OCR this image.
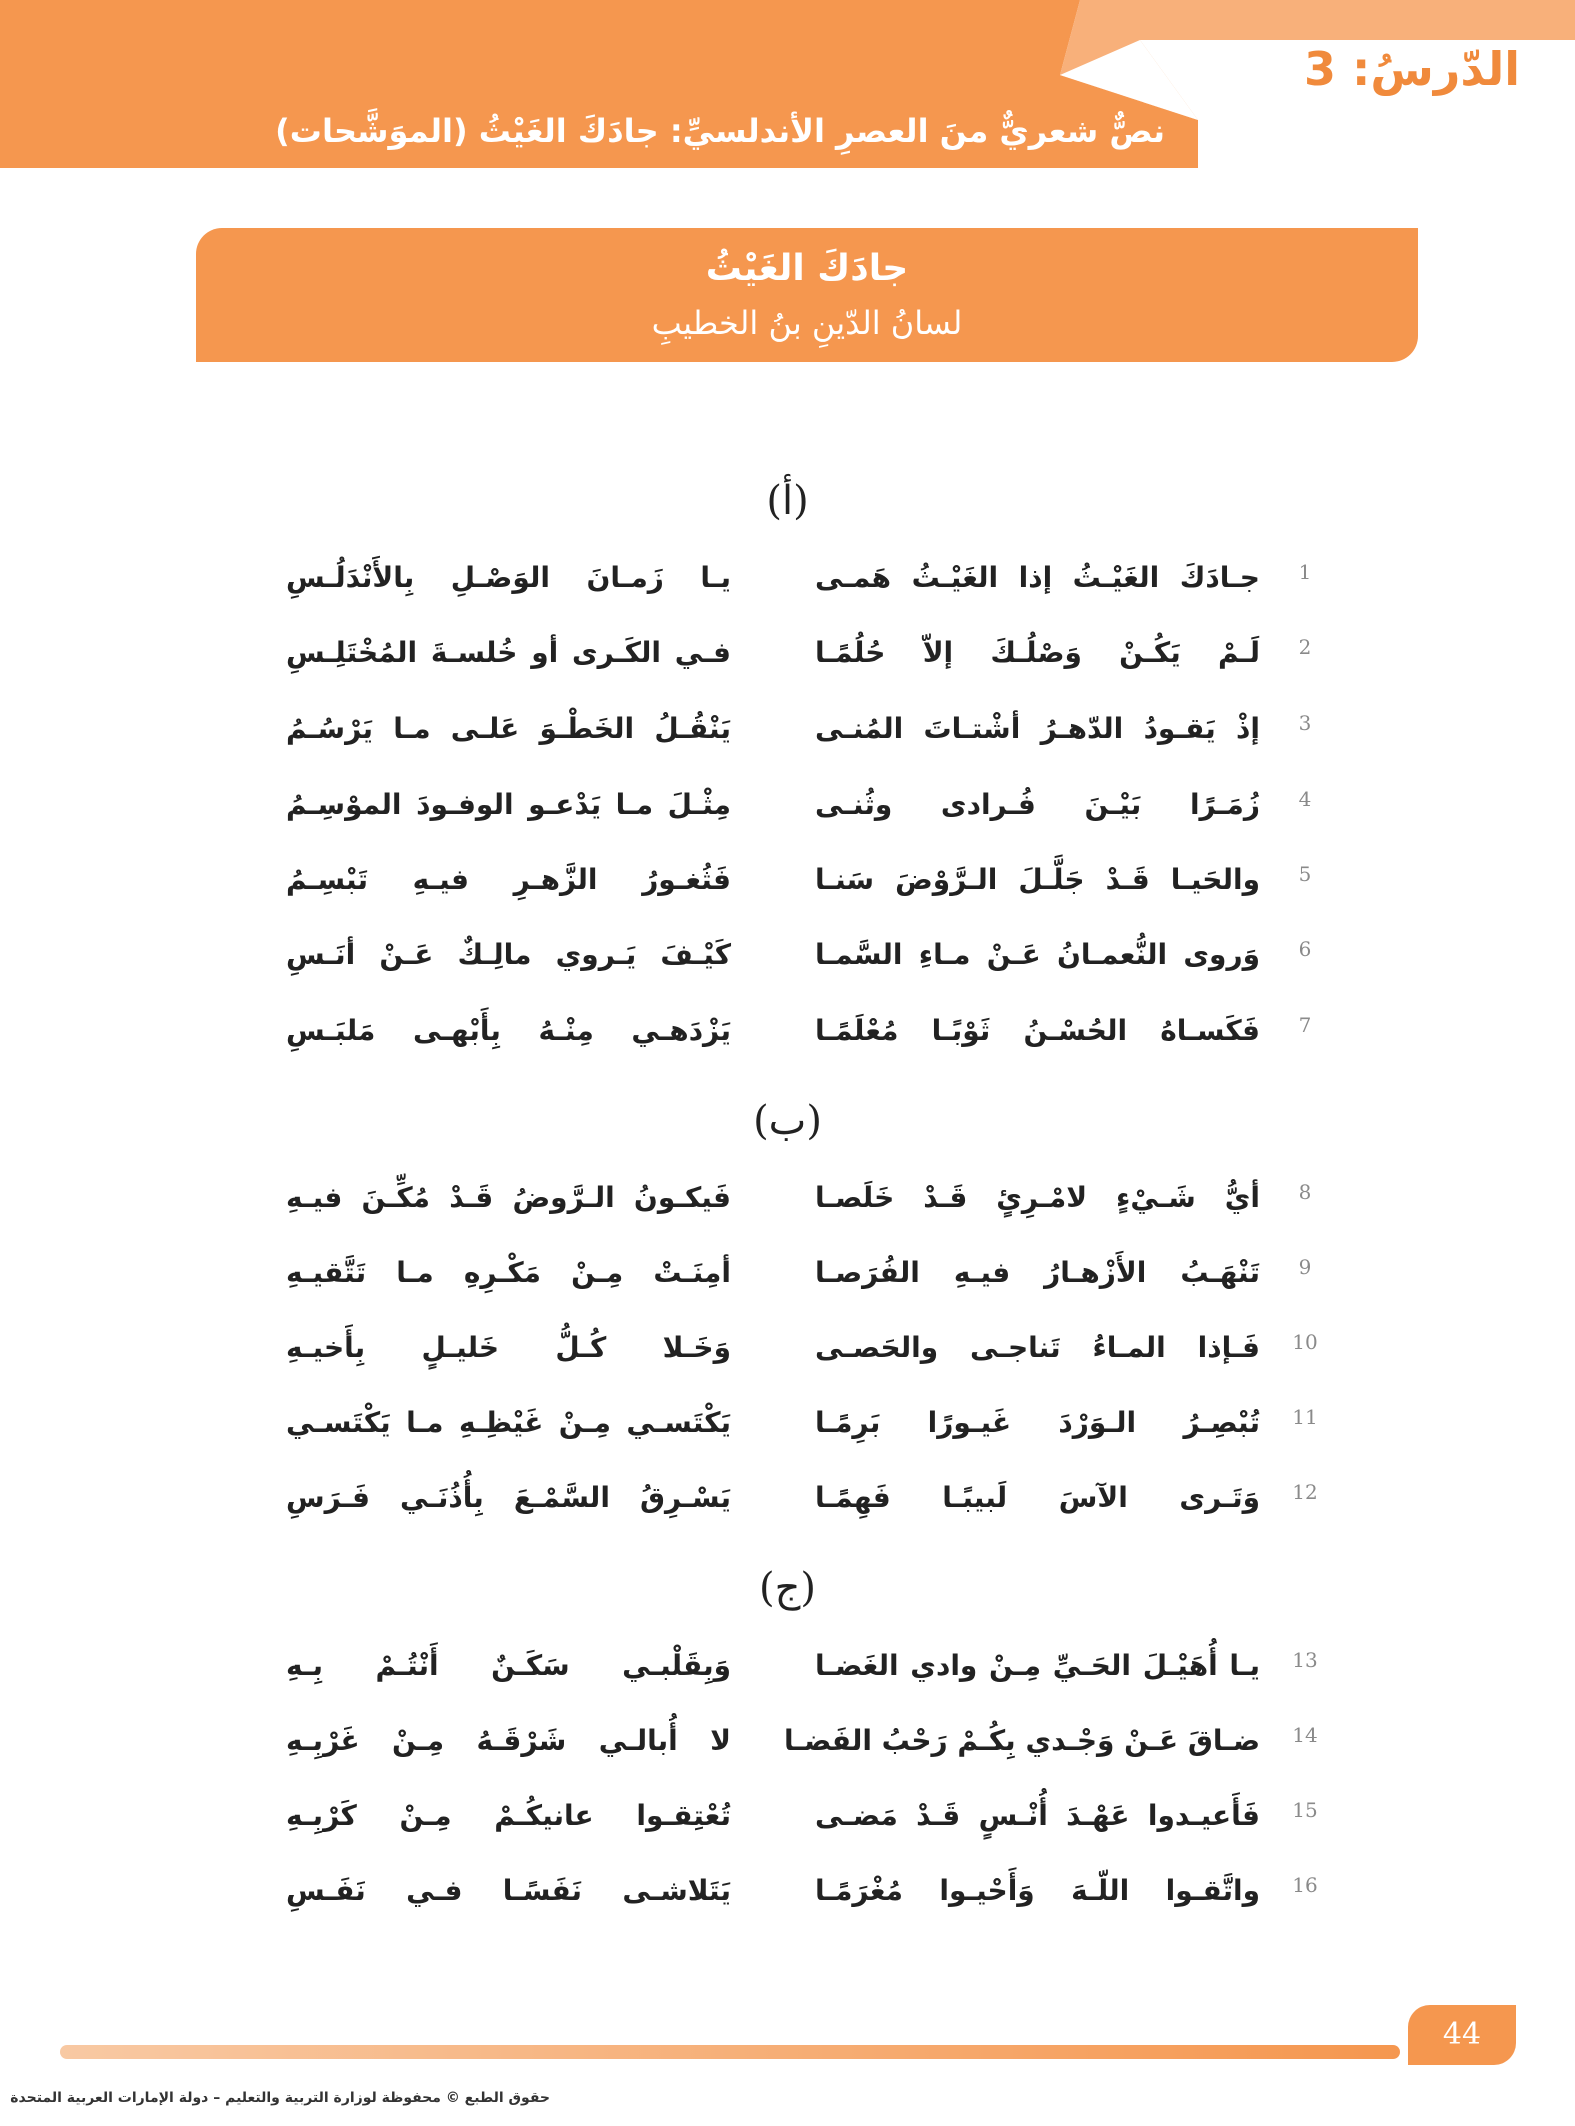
الدّرسُ: 3
نصٌّ شعريٌّ منَ العصرِ الأندلسيِّ: جادَكَ الغَيْثُ (الموَشَّحات)
جادَكَ الغَيْثُ
لسانُ الدّينِ بنُ الخطيبِ
(أ)
1
جـادَكَ الغَيْـثُ إذا الغَيْـثُ هَمـى
يـا زَمـانَ الوَصْـلِ بِالأَنْدَلُـسِ
2
لَـمْ يَكُـنْ وَصْلُـكَ إلاّ حُلُمًـا
فـي الكَـرى أو خُلسـةَ المُخْتَلِـسِ
3
إذْ يَقـودُ الدّهـرُ أشْتـاتَ المُنـى
يَنْقُـلُ الخَطْـوَ عَلـى مـا يَرْسُـمُ
4
زُمَـرًا بَيْـنَ فُـرادى وثُنـى
مِثْـلَ مـا يَدْعـو الوفـودَ الموْسِـمُ
5
والحَيـا قَـدْ جَلَّـلَ الـرَّوْضَ سَنـا
فَثُغـورُ الزَّهـرِ فيـهِ تَبْسِـمُ
6
وَروى النُّعمـانُ عَـنْ مـاءِ السَّمـا
كَيْـفَ يَـروي مالِـكٌ عَـنْ أنَـسِ
7
فَكَسـاهُ الحُسْـنُ ثَوْبًـا مُعْلَمًـا
يَزْدَهـي مِنْـهُ بِأَبْهـى مَلبَـسِ
(ب)
8
أيُّ شَـيْءٍ لامْـرِئٍ قَـدْ خَلَصـا
فَيكـونُ الـرَّوضُ قَـدْ مُكِّـنَ فيـهِ
9
تَنْهَـبُ الأَزْهـارُ فيـهِ الفُرَصـا
أمِنَـتْ مِـنْ مَكْـرِهِ مـا تَتَّقيـهِ
10
فَـإذا المـاءُ تَناجـى والحَصـى
وَخَـلا كُـلُّ خَليـلٍ بِأَخيـهِ
11
تُبْصِـرُ الـوَرْدَ غَيـورًا بَرِمًـا
يَكْتَسـي مِـنْ غَيْظِـهِ مـا يَكْتَسـي
12
وَتَـرى الآسَ لَبيبًـا فَهِمًـا
يَسْـرِقُ السَّمْـعَ بِأُذُنَـي فَـرَسِ
(ج)
13
يـا أُهَيْـلَ الحَـيِّ مِـنْ وادي الغَضـا
وَبِقَلْبـي سَكَـنٌ أَنْتُـمْ بِـهِ
14
ضـاقَ عَـنْ وَجْـدي بِكُـمْ رَحْبُ الفَضـا
لا أُبالـي شَرْقَـهُ مِـنْ غَرْبِـهِ
15
فَأَعيـدوا عَهْـدَ أُنْـسٍ قَـدْ مَضـى
تُعْتِقـوا عانيكُـمْ مِـنْ كَرْبِـهِ
16
واتَّقـوا اللّـهَ وَأَحْيـوا مُغْرَمًـا
يَتَلاشـى نَفَسًـا فـي نَفَـسِ
44
حقوق الطبع © محفوظة لوزارة التربية والتعليم – دولة الإمارات العربية المتحدة
